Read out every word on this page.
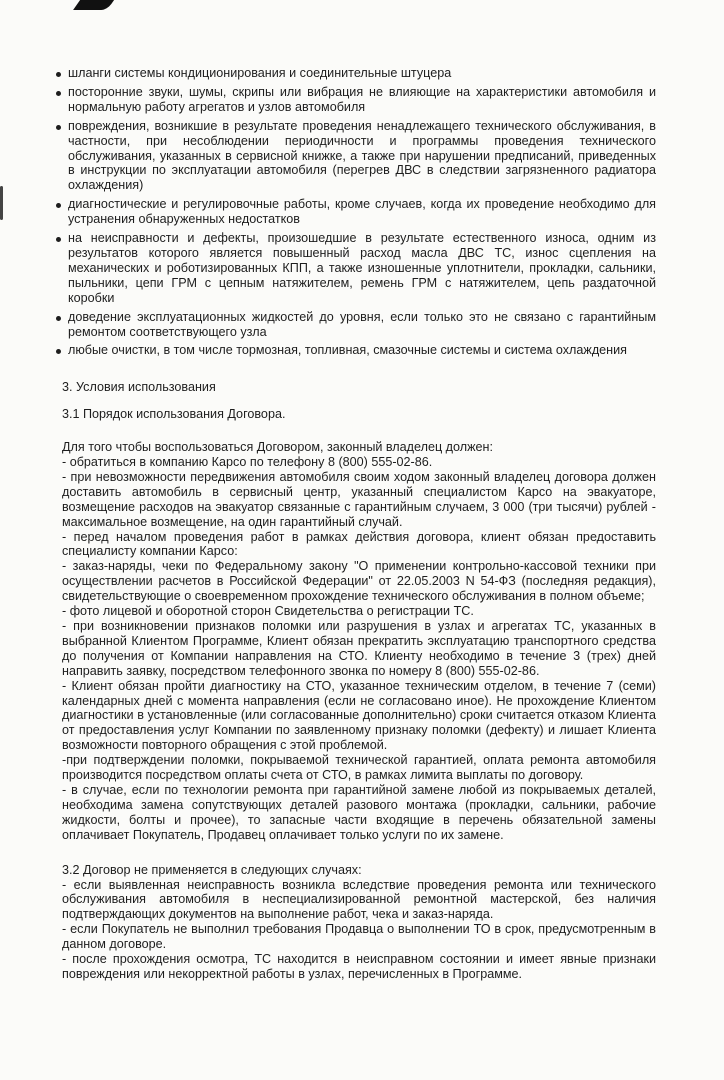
шланги системы кондиционирования и соединительные штуцера
посторонние звуки, шумы, скрипы или вибрация не влияющие на характеристики автомобиля и нормальную работу агрегатов и узлов автомобиля
повреждения, возникшие в результате проведения ненадлежащего технического обслуживания, в частности, при несоблюдении периодичности и программы проведения технического обслуживания, указанных в сервисной книжке, а также при нарушении предписаний, приведенных в инструкции по эксплуатации автомобиля (перегрев ДВС в следствии загрязненного радиатора охлаждения)
диагностические и регулировочные работы, кроме случаев, когда их проведение необходимо для устранения обнаруженных недостатков
на неисправности и дефекты, произошедшие в результате естественного износа, одним из результатов которого является повышенный расход масла ДВС ТС, износ сцепления на механических и роботизированных КПП, а также изношенные уплотнители, прокладки, сальники, пыльники, цепи ГРМ с цепным натяжителем, ремень ГРМ с натяжителем, цепь раздаточной коробки
доведение эксплуатационных жидкостей до уровня, если только это не связано с гарантийным ремонтом соответствующего узла
любые очистки, в том числе тормозная, топливная, смазочные системы и система охлаждения
3. Условия использования
3.1 Порядок использования Договора.
Для того чтобы воспользоваться Договором, законный владелец должен:
- обратиться в компанию Карсо по телефону 8 (800) 555-02-86.
- при невозможности передвижения автомобиля своим ходом законный владелец договора должен доставить автомобиль в сервисный центр, указанный специалистом Карсо на эвакуаторе, возмещение расходов на эвакуатор связанные с гарантийным случаем, 3 000 (три тысячи) рублей - максимальное возмещение, на один гарантийный случай.
- перед началом проведения работ в рамках действия договора, клиент обязан предоставить специалисту компании Карсо:
- заказ-наряды, чеки по Федеральному закону "О применении контрольно-кассовой техники при осуществлении расчетов в Российской Федерации" от 22.05.2003 N 54-ФЗ (последняя редакция), свидетельствующие о своевременном прохождение технического обслуживания в полном объеме;
- фото лицевой и оборотной сторон Свидетельства о регистрации ТС.
- при возникновении признаков поломки или разрушения в узлах и агрегатах ТС, указанных в выбранной Клиентом Программе, Клиент обязан прекратить эксплуатацию транспортного средства до получения от Компании направления на СТО. Клиенту необходимо в течение 3 (трех) дней направить заявку, посредством телефонного звонка по номеру 8 (800) 555-02-86.
- Клиент обязан пройти диагностику на СТО, указанное техническим отделом, в течение 7 (семи) календарных дней с момента направления (если не согласовано иное). Не прохождение Клиентом диагностики в установленные (или согласованные дополнительно) сроки считается отказом Клиента от предоставления услуг Компании по заявленному признаку поломки (дефекту) и лишает Клиента возможности повторного обращения с этой проблемой.
-при подтверждении поломки, покрываемой технической гарантией, оплата ремонта автомобиля производится посредством оплаты счета от СТО, в рамках лимита выплаты по договору.
- в случае, если по технологии ремонта при гарантийной замене любой из покрываемых деталей, необходима замена сопутствующих деталей разового монтажа (прокладки, сальники, рабочие жидкости, болты и прочее), то запасные части входящие в перечень обязательной замены оплачивает Покупатель, Продавец оплачивает только услуги по их замене.
3.2 Договор не применяется в следующих случаях:
- если выявленная неисправность возникла вследствие проведения ремонта или технического обслуживания автомобиля в неспециализированной ремонтной мастерской, без наличия подтверждающих документов на выполнение работ, чека и заказ-наряда.
- если Покупатель не выполнил требования Продавца о выполнении ТО в срок, предусмотренным в данном договоре.
- после прохождения осмотра, ТС находится в неисправном состоянии и имеет явные признаки повреждения или некорректной работы в узлах, перечисленных в Программе.
